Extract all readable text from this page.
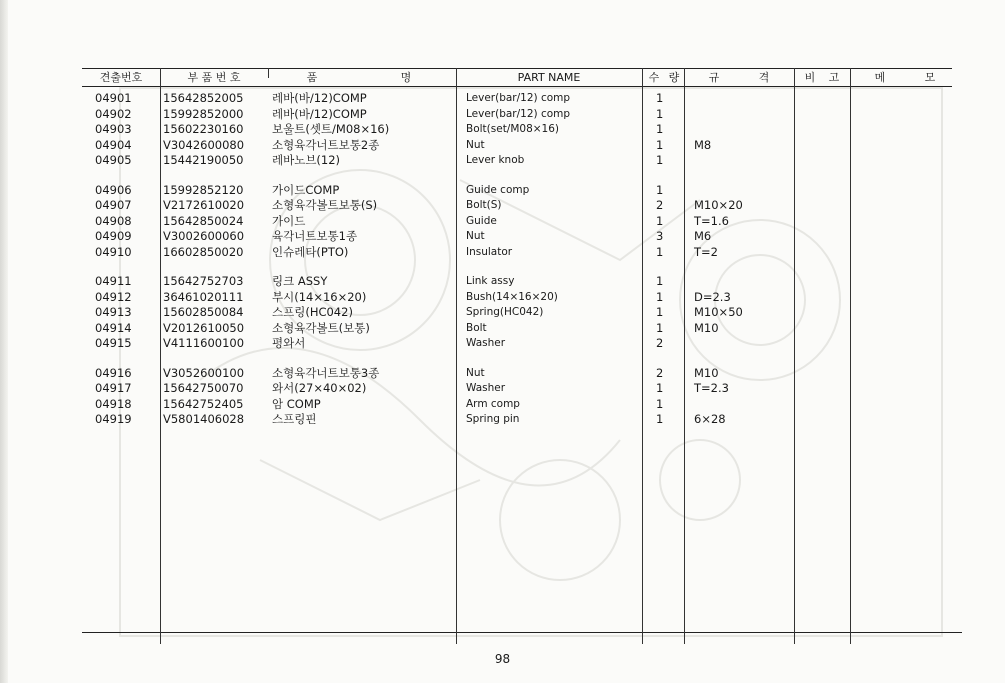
견출번호	부 품 번 호	품	명	PART NAME	수 량	규	격	비	고	메	모
04901	15642852005 레바(바/12)COMP	Lever(bar/12) comp	1
04902	15992852000 레바(바/12)COMP	Lever(bar/12) comp	1
04903	15602230160 보울트(셋트/M08×16)	Bolt(set/M08×16)	1
04904	V3042600080 소형육각너트보통2종	Nut	1	M8
04905	15442190050 레바노브(12)	Lever knob	1
04906	15992852120 가이드COMP	Guide comp	1
04907	V2172610020 소형육각볼트보통(S)	Bolt(S)	2	M10×20
04908	15642850024 가이드	Guide	1	T=1.6
04909	V3002600060 육각너트보통1종	Nut	3	M6
04910	16602850020 인슈레타(PTO)	Insulator	1	T=2
04911	15642752703 링크 ASSY	Link assy	1
04912	36461020111 부시(14×16×20)	Bush(14×16×20)	1	D=2.3
04913	15602850084 스프링(HC042)	Spring(HC042)	1	M10×50
04914	V2012610050 소형육각볼트(보통)	Bolt	1	M10
04915	V4111600100 평와서	Washer	2
04916	V3052600100 소형육각너트보통3종	Nut	2	M10
04917	15642750070 와서(27×40×02)	Washer	1	T=2.3
04918	15642752405 암 COMP	Arm comp	1
04919	V5801406028 스프링핀	Spring pin	1	6×28
98
